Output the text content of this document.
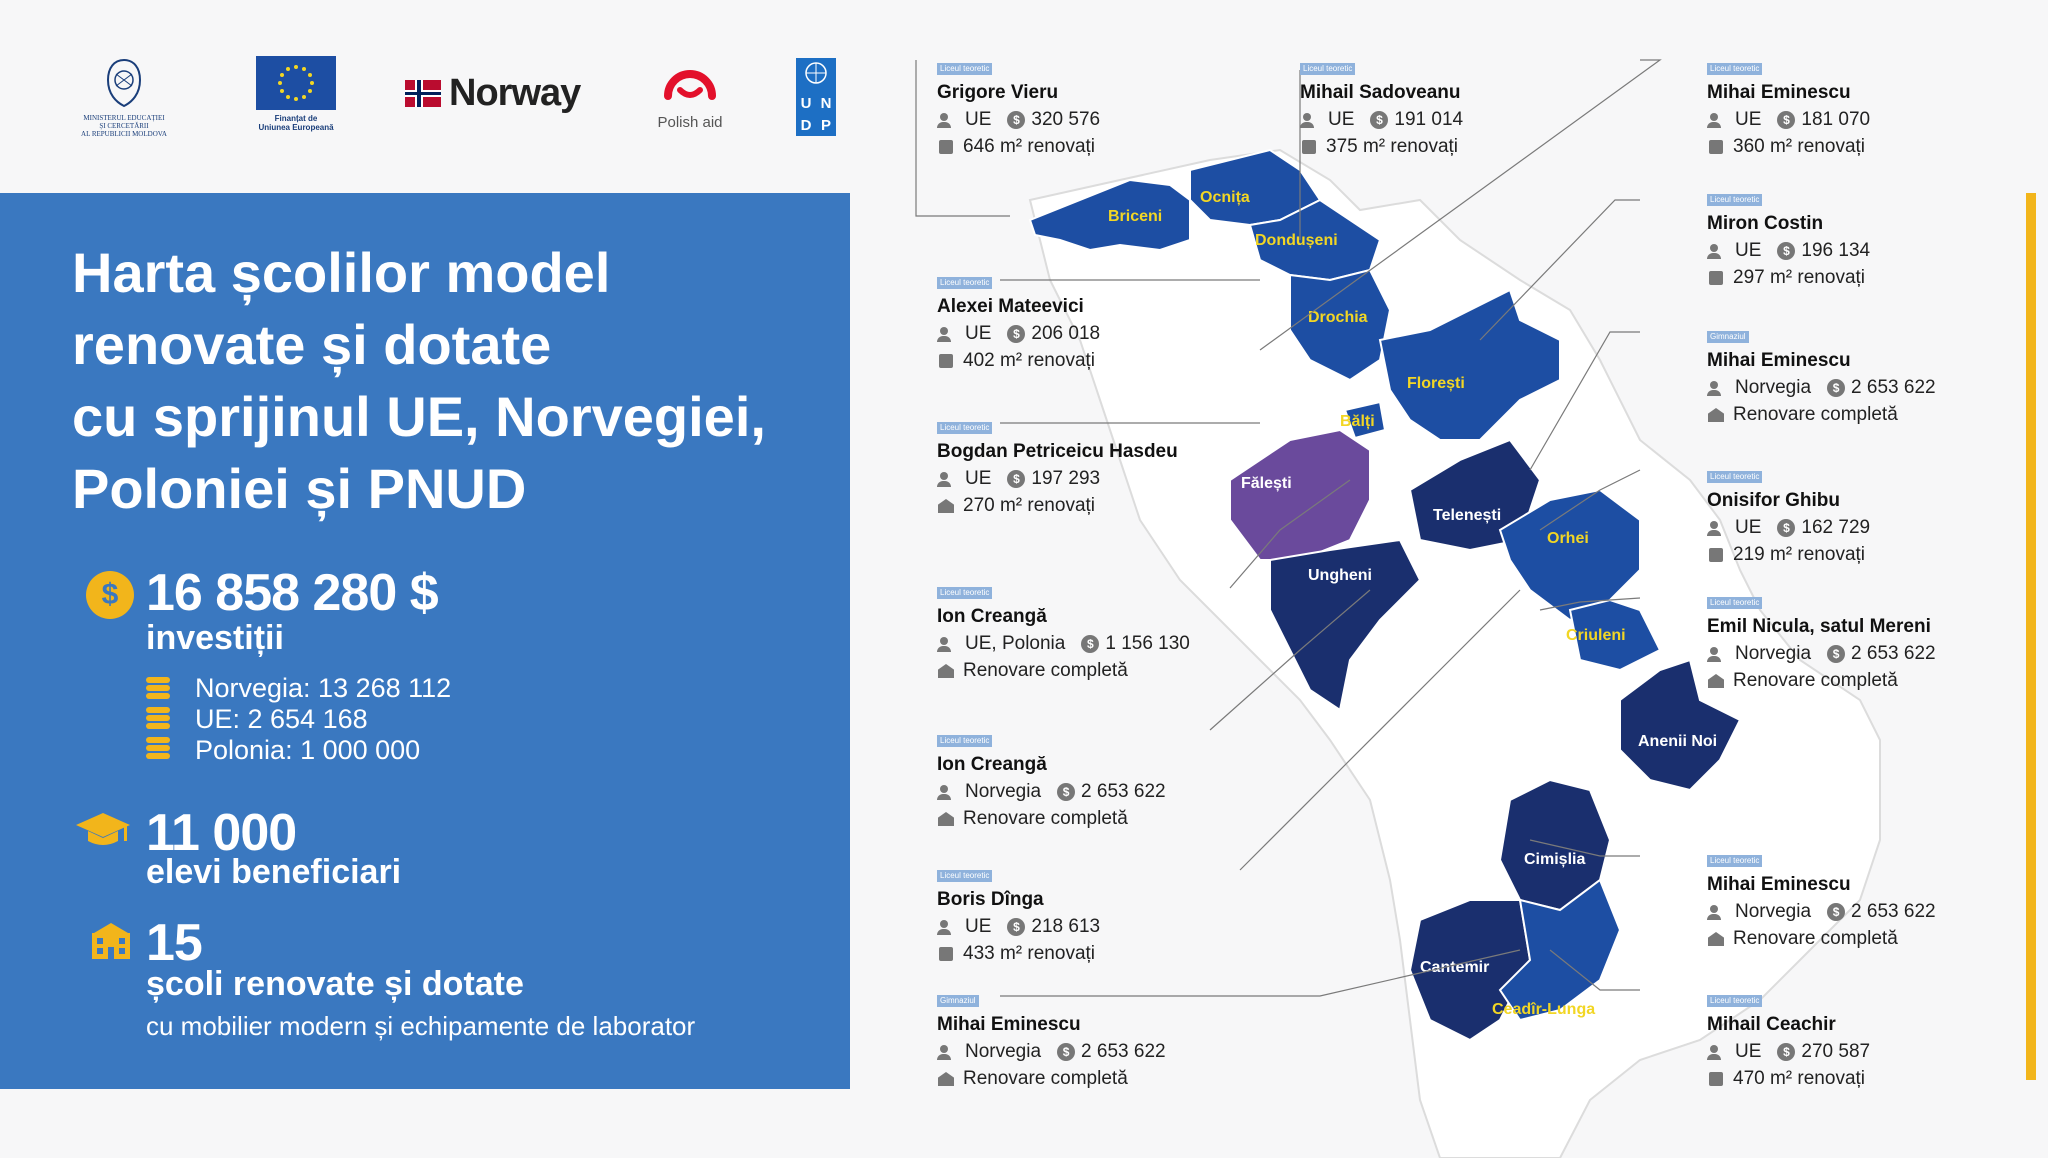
MINISTERUL EDUCAȚIEI
ȘI CERCETĂRII
AL REPUBLICII MOLDOVA
Finanțat de
Uniunea Europeană
Norway
Polish aid
U N
D P
Harta școlilor model
renovate și dotate
cu sprijinul UE, Norvegiei,
Poloniei și PNUD
$ 16 858 280 $
investiții
Norvegia: 13 268 112
UE: 2 654 168
Polonia: 1 000 000
11 000
elevi beneficiari
15
școli renovate și dotate
cu mobilier modern și echipamente de laborator
Briceni
Ocnița
Dondușeni
Drochia
Florești
Bălți
Fălești
Telenești
Orhei
Ungheni
Criuleni
Anenii Noi
Cimișlia
Cantemir
Ceadîr-Lunga
Liceul teoretic
Grigore Vieru
UE	$ 320 576
646 m² renovați
Liceul teoretic
Alexei Mateevici
UE	$ 206 018
402 m² renovați
Liceul teoretic
Bogdan Petriceicu Hasdeu
UE	$ 197 293
270 m² renovați
Liceul teoretic
Ion Creangă
UE, Polonia	$ 1 156 130
Renovare completă
Liceul teoretic
Ion Creangă
Norvegia	$ 2 653 622
Renovare completă
Liceul teoretic
Boris Dînga
UE	$ 218 613
433 m² renovați
Gimnaziul
Mihai Eminescu
Norvegia	$ 2 653 622
Renovare completă
Liceul teoretic
Mihail Sadoveanu
UE	$ 191 014
375 m² renovați
Liceul teoretic
Mihai Eminescu
UE	$ 181 070
360 m² renovați
Liceul teoretic
Miron Costin
UE	$ 196 134
297 m² renovați
Gimnaziul
Mihai Eminescu
Norvegia	$ 2 653 622
Renovare completă
Liceul teoretic
Onisifor Ghibu
UE	$ 162 729
219 m² renovați
Liceul teoretic
Emil Nicula, satul Mereni
Norvegia	$ 2 653 622
Renovare completă
Liceul teoretic
Mihai Eminescu
Norvegia	$ 2 653 622
Renovare completă
Liceul teoretic
Mihail Ceachir
UE	$ 270 587
470 m² renovați
